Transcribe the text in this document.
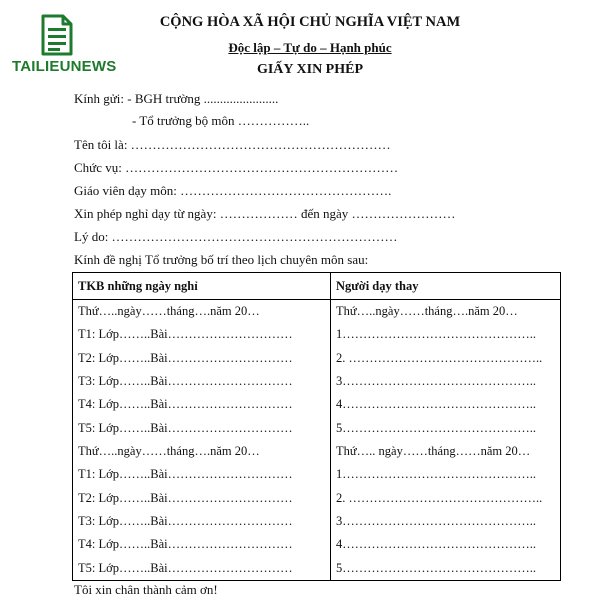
TAILIEUNEWS
CỘNG HÒA XÃ HỘI CHỦ NGHĨA VIỆT NAM
Độc lập – Tự do – Hạnh phúc
GIẤY XIN PHÉP
Kính gửi: - BGH trường .......................
- Tổ trưởng bộ môn ……………..
Tên tôi là: ……………………………………………………
Chức vụ: ………………………………………………………
Giáo viên dạy môn: ………………………………………….
Xin phép nghỉ dạy từ ngày: ……………… đến ngày ……………………
Lý do: …………………………………………………………
Kính đề nghị Tổ trưởng bố trí theo lịch chuyên môn sau:
TKB những ngày nghỉ	Người dạy thay
Thứ…..ngày……tháng….năm 20…	Thứ…..ngày……tháng….năm 20…
T1: Lớp……..Bài…………………………	1………………………………………..
T2: Lớp……..Bài…………………………	2. ………………………………………..
T3: Lớp……..Bài…………………………	3………………………………………..
T4: Lớp……..Bài…………………………	4………………………………………..
T5: Lớp……..Bài…………………………	5………………………………………..
Thứ…..ngày……tháng….năm 20…	Thứ….. ngày……tháng……năm 20…
T1: Lớp……..Bài…………………………	1………………………………………..
T2: Lớp……..Bài…………………………	2. ………………………………………..
T3: Lớp……..Bài…………………………	3………………………………………..
T4: Lớp……..Bài…………………………	4………………………………………..
T5: Lớp……..Bài…………………………	5………………………………………..
Tôi xin chân thành cảm ơn!
